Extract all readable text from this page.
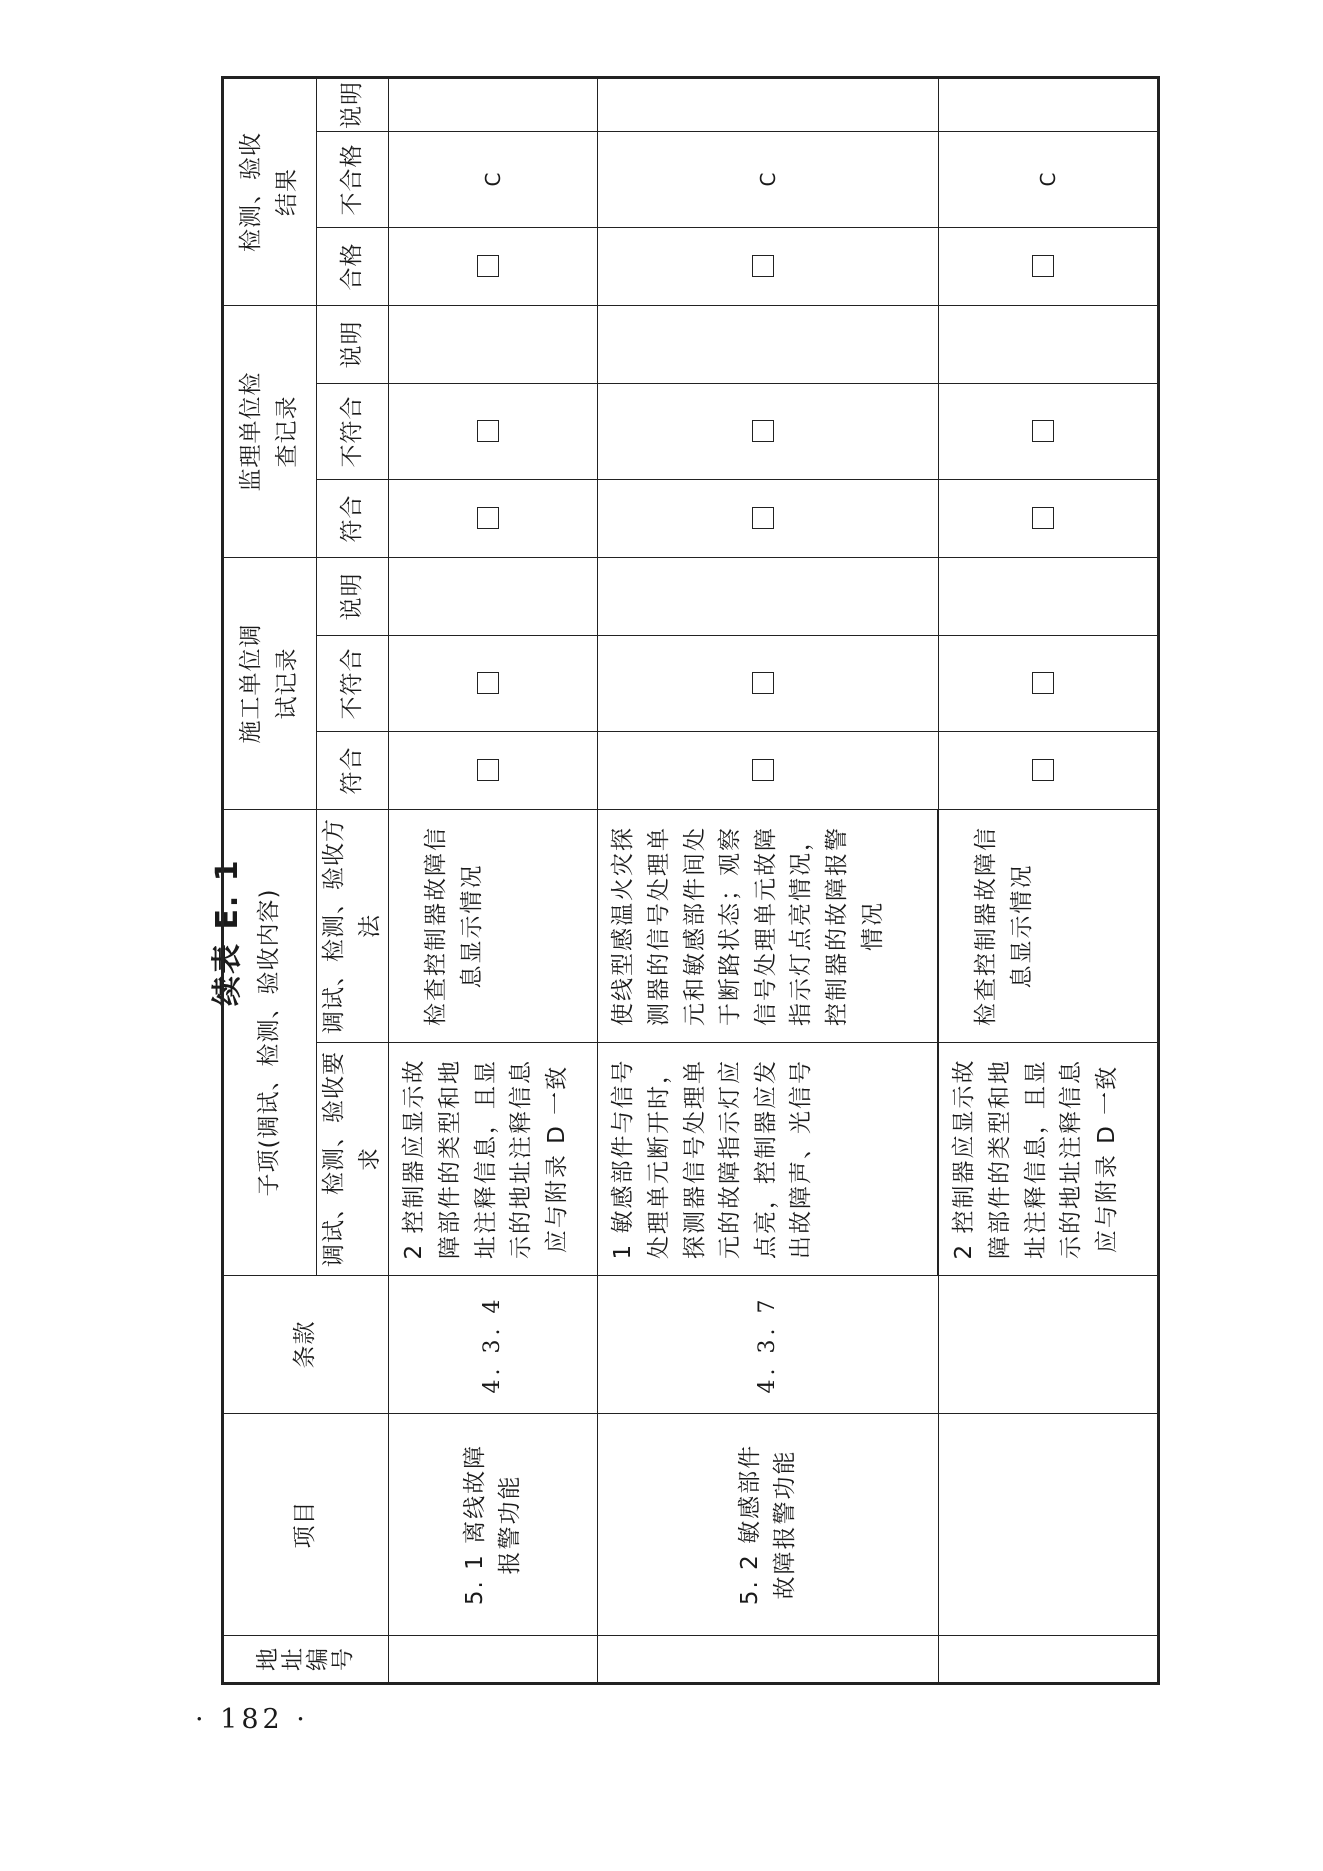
· 182 ·
续表 E. 1
地址编号	项目	条款	子项(调试、检测、验收内容)		施工单位调试记录			监理单位检查记录			检测、验收结果		
			调试、检测、验收要求	调试、检测、验收方法	符合	不符合	说明	符合	不符合	说明	合格	不合格	说明
	5. 1 离线故障报警功能	4. 3. 4	2 控制器应显示故障部件的类型和地址注释信息，且显示的地址注释信息应与附录 D 一致	检查控制器故障信息显示情况								C	
	5. 2 敏感部件故障报警功能	4. 3. 7	1 敏感部件与信号处理单元断开时，探测器信号处理单元的故障指示灯应点亮，控制器应发出故障声、光信号	使线型感温火灾探测器的信号处理单元和敏感部件间处于断路状态；观察信号处理单元故障指示灯点亮情况，控制器的故障报警情况								C	

			2 控制器应显示故障部件的类型和地址注释信息，且显示的地址注释信息应与附录 D 一致	检查控制器故障信息显示情况								C	
